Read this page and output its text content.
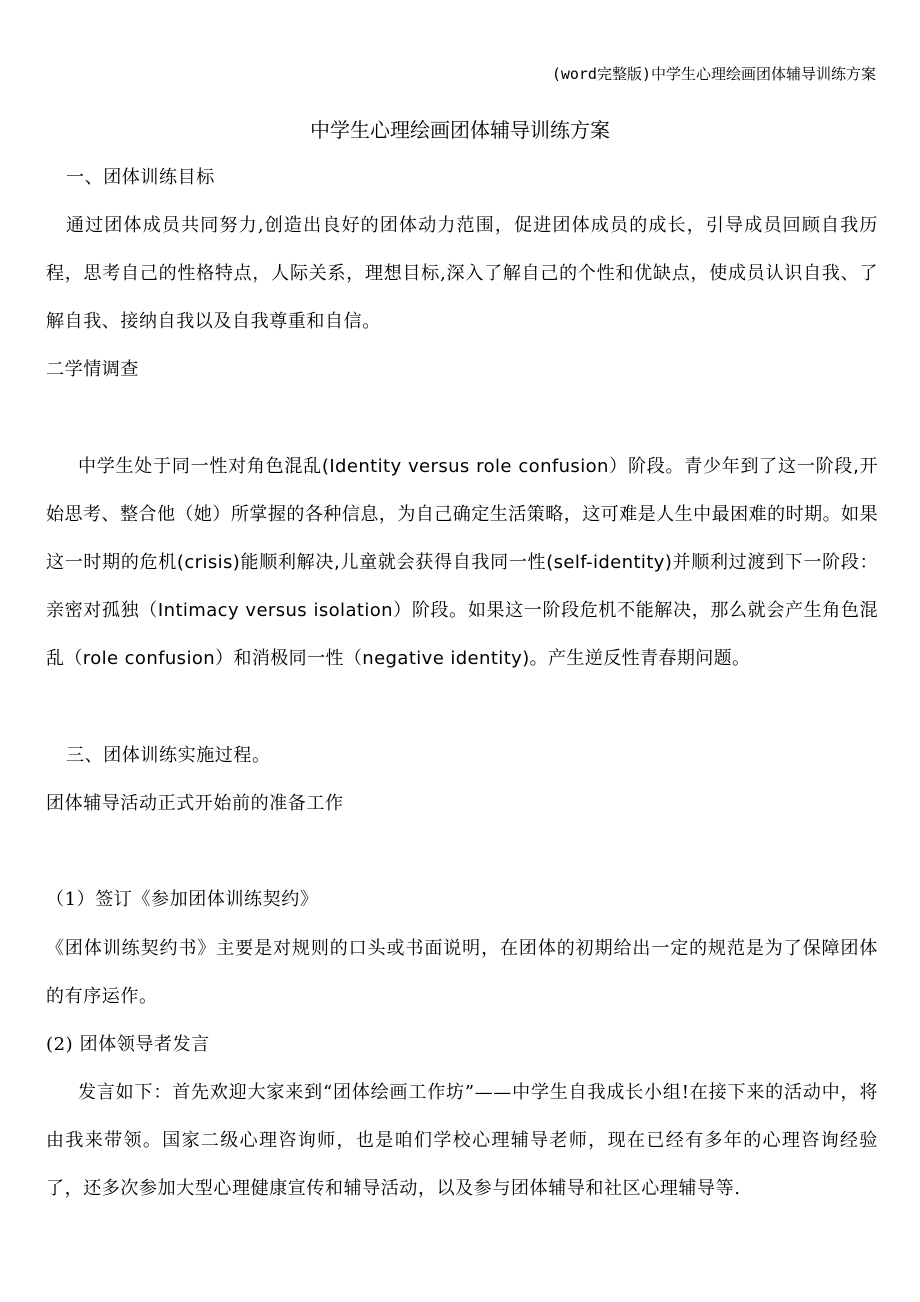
(word完整版)中学生心理绘画团体辅导训练方案
中学生心理绘画团体辅导训练方案

一、团体训练目标

通过团体成员共同努力,创造出良好的团体动力范围，促进团体成员的成长，引导成员回顾自我历程，思考自己的性格特点，人际关系，理想目标,深入了解自己的个性和优缺点，使成员认识自我、了解自我、接纳自我以及自我尊重和自信。

二学情调查

中学生处于同一性对角色混乱(Identity versus role confusion）阶段。青少年到了这一阶段,开始思考、整合他（她）所掌握的各种信息，为自己确定生活策略，这可难是人生中最困难的时期。如果这一时期的危机(crisis)能顺利解决,儿童就会获得自我同一性(self-identity)并顺利过渡到下一阶段：亲密对孤独（Intimacy versus isolation）阶段。如果这一阶段危机不能解决，那么就会产生角色混乱（role confusion）和消极同一性（negative identity)。产生逆反性青春期问题。

三、团体训练实施过程。

团体辅导活动正式开始前的准备工作

（1）签订《参加团体训练契约》

《团体训练契约书》主要是对规则的口头或书面说明，在团体的初期给出一定的规范是为了保障团体的有序运作。

(2) 团体领导者发言

发言如下：首先欢迎大家来到“团体绘画工作坊”——中学生自我成长小组!在接下来的活动中，将由我来带领。国家二级心理咨询师，也是咱们学校心理辅导老师，现在已经有多年的心理咨询经验了，还多次参加大型心理健康宣传和辅导活动，以及参与团体辅导和社区心理辅导等.
